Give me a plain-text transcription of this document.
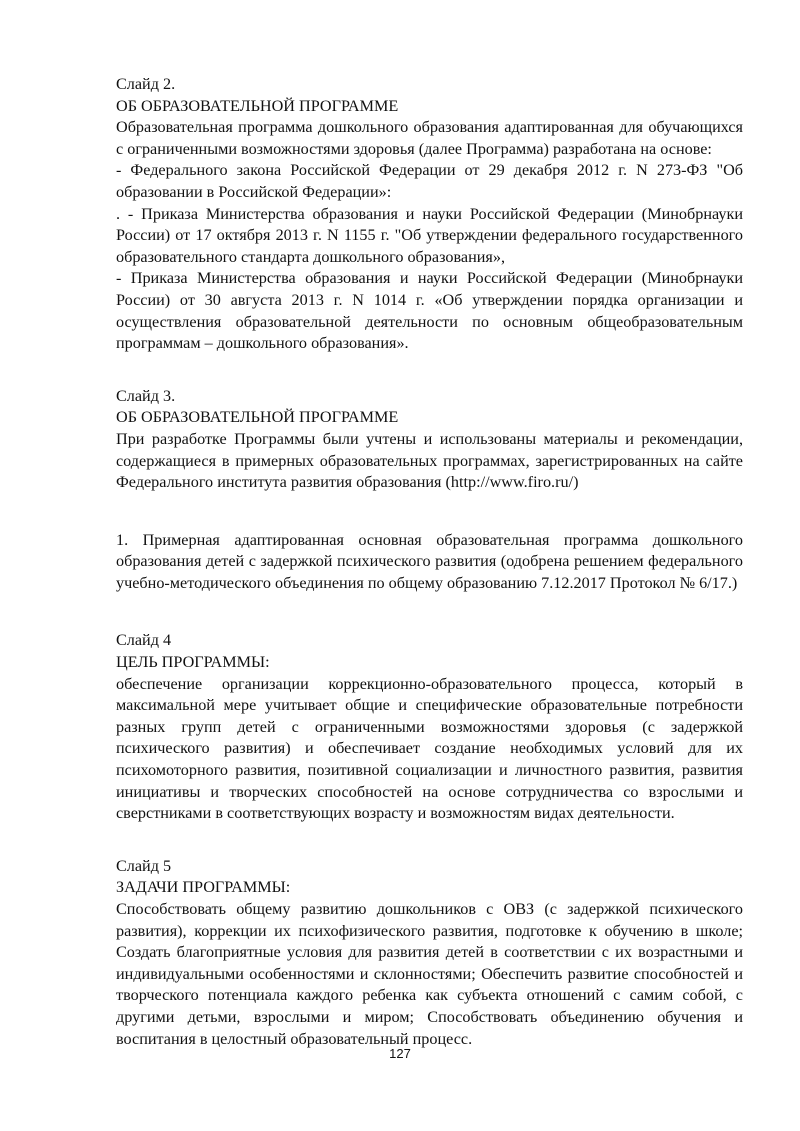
Слайд 2.
ОБ ОБРАЗОВАТЕЛЬНОЙ ПРОГРАММЕ
Образовательная программа дошкольного образования адаптированная для обучающихся
с ограниченными возможностями здоровья (далее Программа) разработана на основе:
- Федерального закона Российской Федерации от 29 декабря 2012 г. N 273-ФЗ "Об
образовании в Российской Федерации»:
. - Приказа Министерства образования и науки Российской Федерации (Минобрнауки
России) от 17 октября 2013 г. N 1155 г. "Об утверждении федерального государственного
образовательного стандарта дошкольного образования»,
- Приказа Министерства образования и науки Российской Федерации (Минобрнауки
России) от 30 августа 2013 г. N 1014 г. «Об утверждении порядка организации и
осуществления образовательной деятельности по основным общеобразовательным
программам – дошкольного образования».
Слайд 3.
ОБ ОБРАЗОВАТЕЛЬНОЙ ПРОГРАММЕ
При разработке Программы были учтены и использованы материалы и рекомендации,
содержащиеся в примерных образовательных программах, зарегистрированных на сайте
Федерального института развития образования (http://www.firo.ru/)
1. Примерная адаптированная основная образовательная программа дошкольного
образования детей с задержкой психического развития (одобрена решением федерального
учебно-методического объединения по общему образованию 7.12.2017 Протокол № 6/17.)
Слайд 4
ЦЕЛЬ ПРОГРАММЫ:
обеспечение организации коррекционно-образовательного процесса, который в
максимальной мере учитывает общие и специфические образовательные потребности
разных групп детей с ограниченными возможностями здоровья (с задержкой
психического развития) и обеспечивает создание необходимых условий для их
психомоторного развития, позитивной социализации и личностного развития, развития
инициативы и творческих способностей на основе сотрудничества со взрослыми и
сверстниками в соответствующих возрасту и возможностям видах деятельности.
Слайд 5
ЗАДАЧИ ПРОГРАММЫ:
Способствовать общему развитию дошкольников с ОВЗ (с задержкой психического
развития), коррекции их психофизического развития, подготовке к обучению в школе;
Создать благоприятные условия для развития детей в соответствии с их возрастными и
индивидуальными особенностями и склонностями; Обеспечить развитие способностей и
творческого потенциала каждого ребенка как субъекта отношений с самим собой, с
другими детьми, взрослыми и миром; Способствовать объединению обучения и
воспитания в целостный образовательный процесс.
127
